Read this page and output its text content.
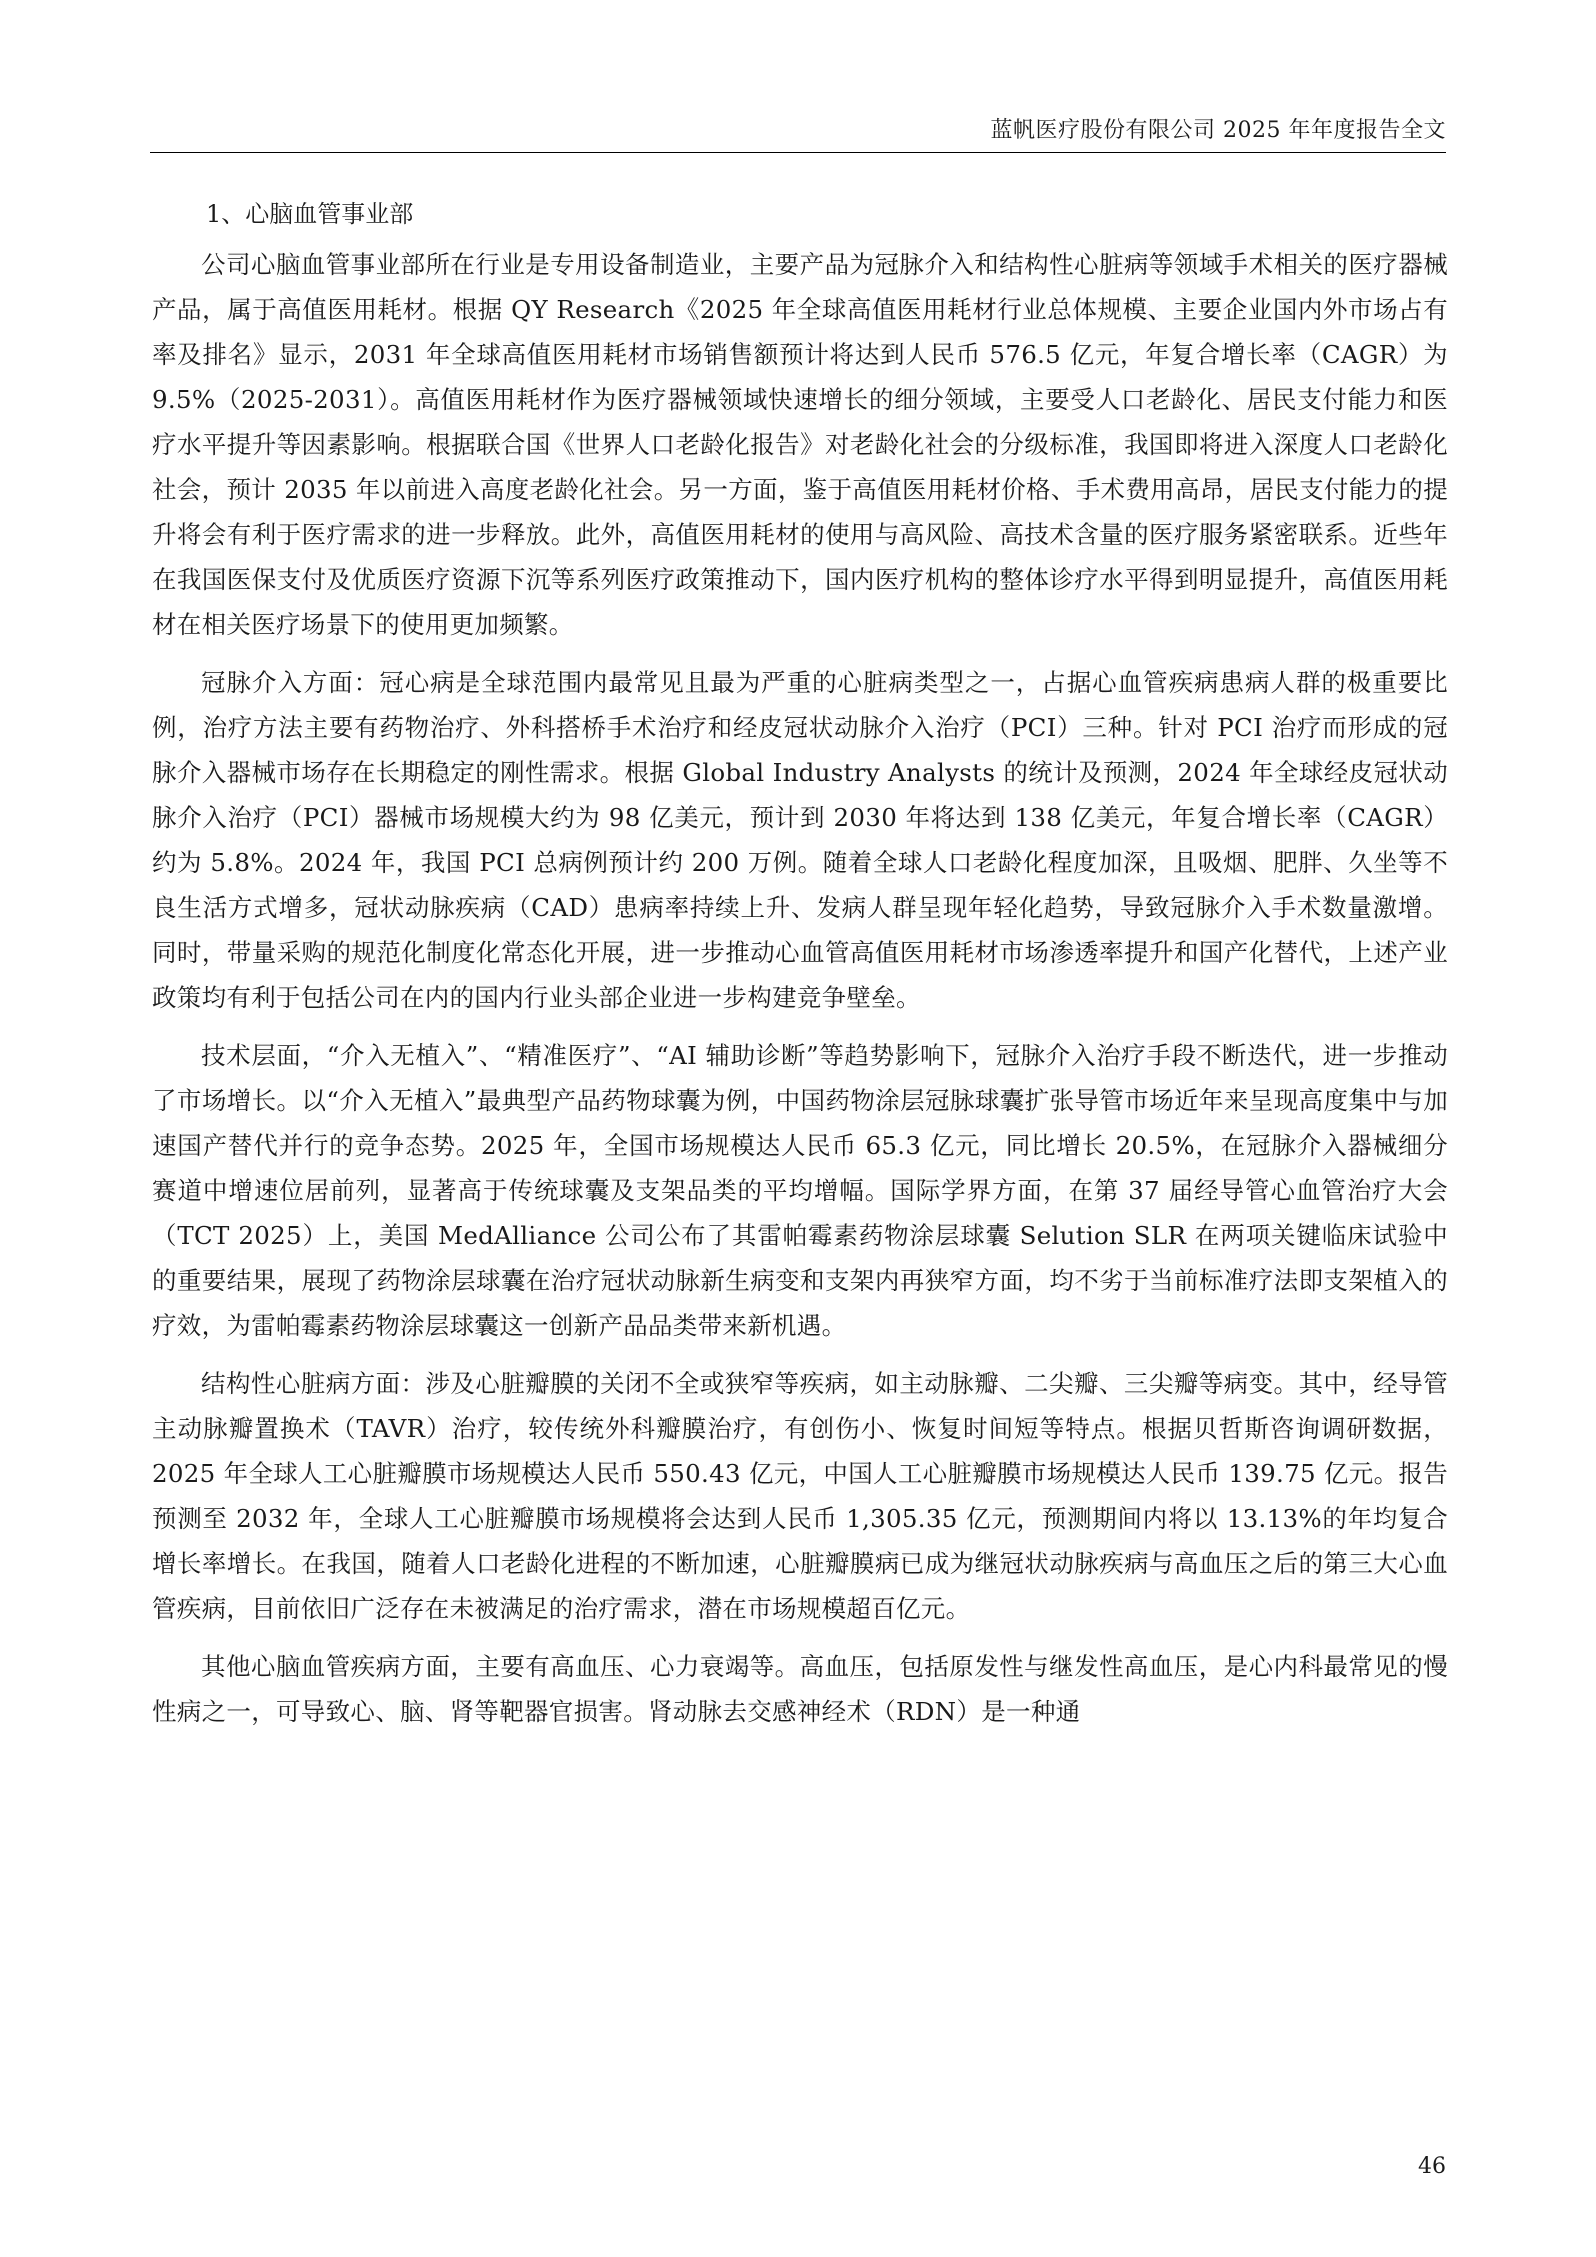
蓝帆医疗股份有限公司 2025 年年度报告全文
1、心脑血管事业部

公司心脑血管事业部所在行业是专用设备制造业，主要产品为冠脉介入和结构性心脏病等领域手术相关的医疗器械产品，属于高值医用耗材。根据 QY Research《2025 年全球高值医用耗材行业总体规模、主要企业国内外市场占有率及排名》显示，2031 年全球高值医用耗材市场销售额预计将达到人民币 576.5 亿元，年复合增长率（CAGR）为 9.5%（2025-2031）。高值医用耗材作为医疗器械领域快速增长的细分领域，主要受人口老龄化、居民支付能力和医疗水平提升等因素影响。根据联合国《世界人口老龄化报告》对老龄化社会的分级标准，我国即将进入深度人口老龄化社会，预计 2035 年以前进入高度老龄化社会。另一方面，鉴于高值医用耗材价格、手术费用高昂，居民支付能力的提升将会有利于医疗需求的进一步释放。此外，高值医用耗材的使用与高风险、高技术含量的医疗服务紧密联系。近些年在我国医保支付及优质医疗资源下沉等系列医疗政策推动下，国内医疗机构的整体诊疗水平得到明显提升，高值医用耗材在相关医疗场景下的使用更加频繁。

冠脉介入方面：冠心病是全球范围内最常见且最为严重的心脏病类型之一，占据心血管疾病患病人群的极重要比例，治疗方法主要有药物治疗、外科搭桥手术治疗和经皮冠状动脉介入治疗（PCI）三种。针对 PCI 治疗而形成的冠脉介入器械市场存在长期稳定的刚性需求。根据 Global Industry Analysts 的统计及预测，2024 年全球经皮冠状动脉介入治疗（PCI）器械市场规模大约为 98 亿美元，预计到 2030 年将达到 138 亿美元，年复合增长率（CAGR）约为 5.8%。2024 年，我国 PCI 总病例预计约 200 万例。随着全球人口老龄化程度加深，且吸烟、肥胖、久坐等不良生活方式增多，冠状动脉疾病（CAD）患病率持续上升、发病人群呈现年轻化趋势，导致冠脉介入手术数量激增。同时，带量采购的规范化制度化常态化开展，进一步推动心血管高值医用耗材市场渗透率提升和国产化替代，上述产业政策均有利于包括公司在内的国内行业头部企业进一步构建竞争壁垒。

技术层面，“介入无植入”、“精准医疗”、“AI 辅助诊断”等趋势影响下，冠脉介入治疗手段不断迭代，进一步推动了市场增长。以“介入无植入”最典型产品药物球囊为例，中国药物涂层冠脉球囊扩张导管市场近年来呈现高度集中与加速国产替代并行的竞争态势。2025 年，全国市场规模达人民币 65.3 亿元，同比增长 20.5%，在冠脉介入器械细分赛道中增速位居前列，显著高于传统球囊及支架品类的平均增幅。国际学界方面，在第 37 届经导管心血管治疗大会（TCT 2025）上，美国 MedAlliance 公司公布了其雷帕霉素药物涂层球囊 Selution SLR 在两项关键临床试验中的重要结果，展现了药物涂层球囊在治疗冠状动脉新生病变和支架内再狭窄方面，均不劣于当前标准疗法即支架植入的疗效，为雷帕霉素药物涂层球囊这一创新产品品类带来新机遇。

结构性心脏病方面：涉及心脏瓣膜的关闭不全或狭窄等疾病，如主动脉瓣、二尖瓣、三尖瓣等病变。其中，经导管主动脉瓣置换术（TAVR）治疗，较传统外科瓣膜治疗，有创伤小、恢复时间短等特点。根据贝哲斯咨询调研数据，2025 年全球人工心脏瓣膜市场规模达人民币 550.43 亿元，中国人工心脏瓣膜市场规模达人民币 139.75 亿元。报告预测至 2032 年，全球人工心脏瓣膜市场规模将会达到人民币 1,305.35 亿元，预测期间内将以 13.13%的年均复合增长率增长。在我国，随着人口老龄化进程的不断加速，心脏瓣膜病已成为继冠状动脉疾病与高血压之后的第三大心血管疾病，目前依旧广泛存在未被满足的治疗需求，潜在市场规模超百亿元。

其他心脑血管疾病方面，主要有高血压、心力衰竭等。高血压，包括原发性与继发性高血压，是心内科最常见的慢性病之一，可导致心、脑、肾等靶器官损害。肾动脉去交感神经术（RDN）是一种通

46
